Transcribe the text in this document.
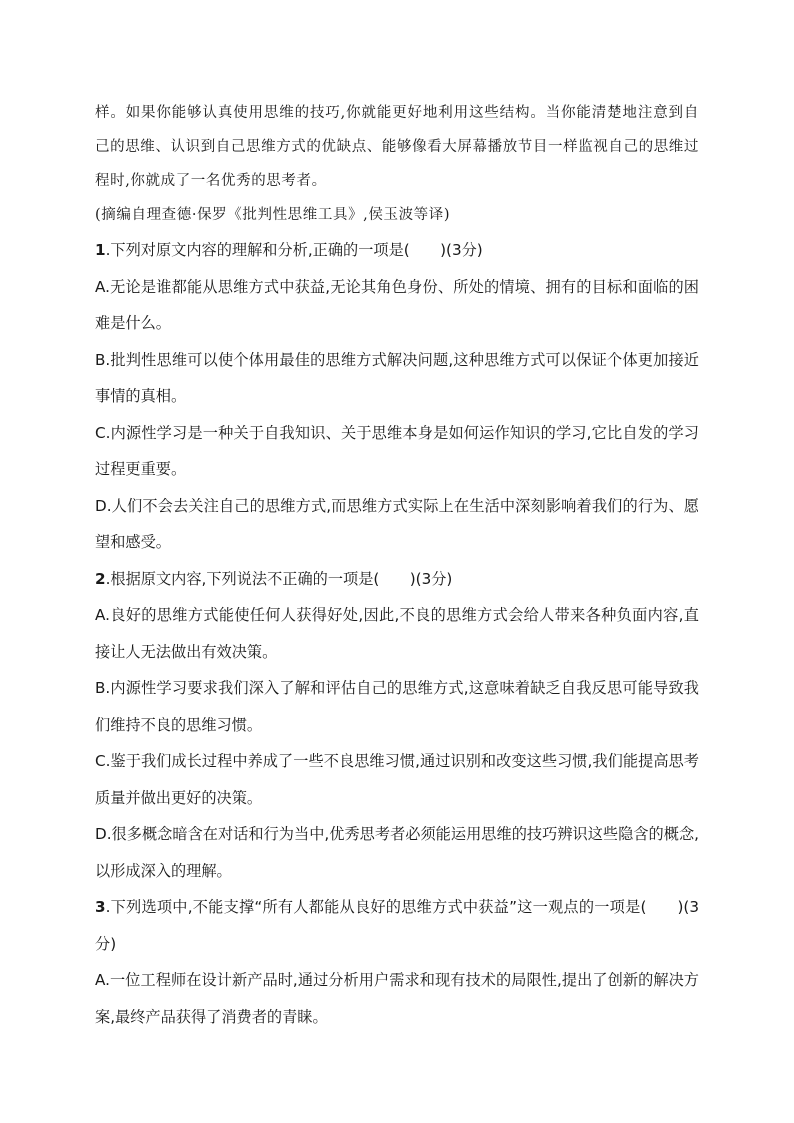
样。如果你能够认真使用思维的技巧,你就能更好地利用这些结构。当你能清楚地注意到自己的思维、认识到自己思维方式的优缺点、能够像看大屏幕播放节目一样监视自己的思维过程时,你就成了一名优秀的思考者。

(摘编自理查德·保罗《批判性思维工具》,侯玉波等译)

1.下列对原文内容的理解和分析,正确的一项是(　　)(3分)

A.无论是谁都能从思维方式中获益,无论其角色身份、所处的情境、拥有的目标和面临的困难是什么。

B.批判性思维可以使个体用最佳的思维方式解决问题,这种思维方式可以保证个体更加接近事情的真相。

C.内源性学习是一种关于自我知识、关于思维本身是如何运作知识的学习,它比自发的学习过程更重要。

D.人们不会去关注自己的思维方式,而思维方式实际上在生活中深刻影响着我们的行为、愿望和感受。

2.根据原文内容,下列说法不正确的一项是(　　)(3分)

A.良好的思维方式能使任何人获得好处,因此,不良的思维方式会给人带来各种负面内容,直接让人无法做出有效决策。

B.内源性学习要求我们深入了解和评估自己的思维方式,这意味着缺乏自我反思可能导致我们维持不良的思维习惯。

C.鉴于我们成长过程中养成了一些不良思维习惯,通过识别和改变这些习惯,我们能提高思考质量并做出更好的决策。

D.很多概念暗含在对话和行为当中,优秀思考者必须能运用思维的技巧辨识这些隐含的概念,以形成深入的理解。

3.下列选项中,不能支撑“所有人都能从良好的思维方式中获益”这一观点的一项是(　　)(3分)

A.一位工程师在设计新产品时,通过分析用户需求和现有技术的局限性,提出了创新的解决方案,最终产品获得了消费者的青睐。
